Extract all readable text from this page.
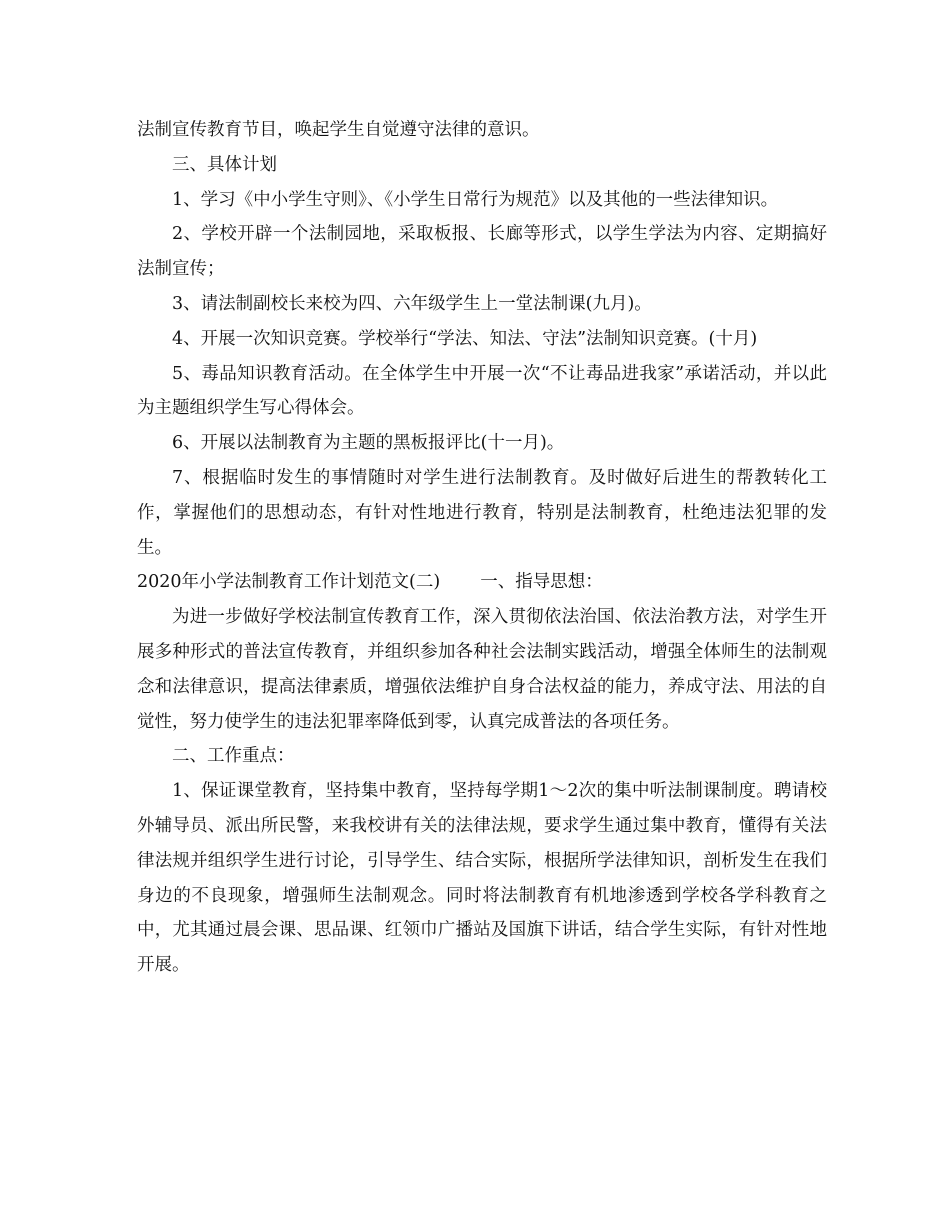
法制宣传教育节目，唤起学生自觉遵守法律的意识。

三、具体计划

1、学习《中小学生守则》、《小学生日常行为规范》以及其他的一些法律知识。

2、学校开辟一个法制园地，采取板报、长廊等形式，以学生学法为内容、定期搞好法制宣传；

3、请法制副校长来校为四、六年级学生上一堂法制课(九月)。

4、开展一次知识竞赛。学校举行“学法、知法、守法”法制知识竞赛。(十月)

5、毒品知识教育活动。在全体学生中开展一次“不让毒品进我家”承诺活动，并以此为主题组织学生写心得体会。

6、开展以法制教育为主题的黑板报评比(十一月)。

7、根据临时发生的事情随时对学生进行法制教育。及时做好后进生的帮教转化工作，掌握他们的思想动态，有针对性地进行教育，特别是法制教育，杜绝违法犯罪的发生。

2020年小学法制教育工作计划范文(二) 一、指导思想：

为进一步做好学校法制宣传教育工作，深入贯彻依法治国、依法治教方法，对学生开展多种形式的普法宣传教育，并组织参加各种社会法制实践活动，增强全体师生的法制观念和法律意识，提高法律素质，增强依法维护自身合法权益的能力，养成守法、用法的自觉性，努力使学生的违法犯罪率降低到零，认真完成普法的各项任务。

二、工作重点：

1、保证课堂教育，坚持集中教育，坚持每学期1～2次的集中听法制课制度。聘请校外辅导员、派出所民警，来我校讲有关的法律法规，要求学生通过集中教育，懂得有关法律法规并组织学生进行讨论，引导学生、结合实际，根据所学法律知识，剖析发生在我们身边的不良现象，增强师生法制观念。同时将法制教育有机地渗透到学校各学科教育之中，尤其通过晨会课、思品课、红领巾广播站及国旗下讲话，结合学生实际，有针对性地开展。
